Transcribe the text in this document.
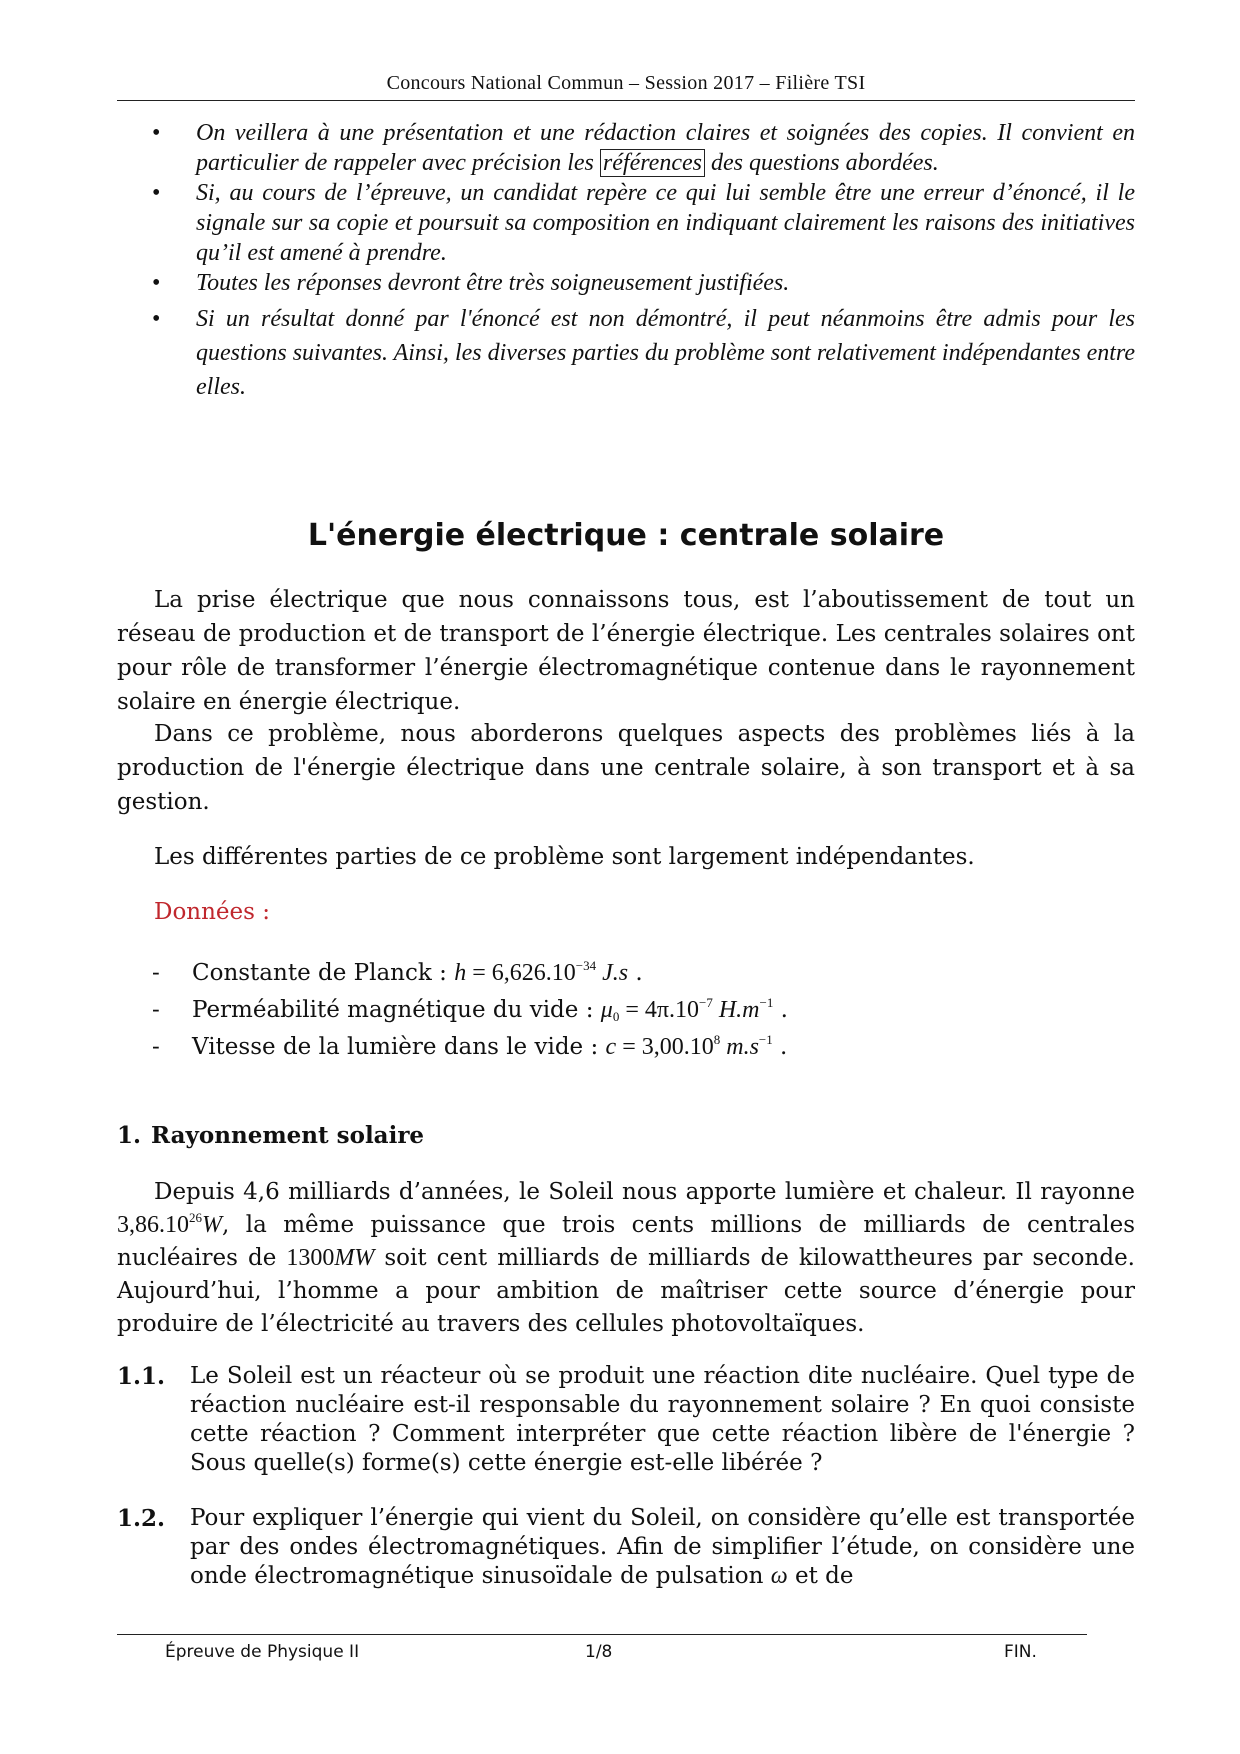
Concours National Commun – Session 2017 – Filière TSI
• On veillera à une présentation et une rédaction claires et soignées des copies. Il convient en particulier de rappeler avec précision les références des questions abordées.
• Si, au cours de l’épreuve, un candidat repère ce qui lui semble être une erreur d’énoncé, il le signale sur sa copie et poursuit sa composition en indiquant clairement les raisons des initiatives qu’il est amené à prendre.
• Toutes les réponses devront être très soigneusement justifiées.
• Si un résultat donné par l'énoncé est non démontré, il peut néanmoins être admis pour les questions suivantes. Ainsi, les diverses parties du problème sont relativement indépendantes entre elles.
L'énergie électrique : centrale solaire
La prise électrique que nous connaissons tous, est l’aboutissement de tout un réseau de production et de transport de l’énergie électrique. Les centrales solaires ont pour rôle de transformer l’énergie électromagnétique contenue dans le rayonnement solaire en énergie électrique.
Dans ce problème, nous aborderons quelques aspects des problèmes liés à la production de l'énergie électrique dans une centrale solaire, à son transport et à sa gestion.
Les différentes parties de ce problème sont largement indépendantes.
Données :
- Constante de Planck : $h = 6,626.10^{-34}$ J.s .
- Perméabilité magnétique du vide : $\mu_0 = 4\pi.10^{-7}$ $H.m^{-1}$ .
- Vitesse de la lumière dans le vide : $c = 3,00.10^8$ $m.s^{-1}$ .
1. Rayonnement solaire
Depuis 4,6 milliards d’années, le Soleil nous apporte lumière et chaleur. Il rayonne 3,86.10$^{26}$W, la même puissance que trois cents millions de milliards de centrales nucléaires de 1300MW soit cent milliards de milliards de kilowattheures par seconde. Aujourd’hui, l’homme a pour ambition de maîtriser cette source d’énergie pour produire de l’électricité au travers des cellules photovoltaïques.
1.1. Le Soleil est un réacteur où se produit une réaction dite nucléaire. Quel type de réaction nucléaire est-il responsable du rayonnement solaire ? En quoi consiste cette réaction ? Comment interpréter que cette réaction libère de l'énergie ? Sous quelle(s) forme(s) cette énergie est-elle libérée ?
1.2. Pour expliquer l’énergie qui vient du Soleil, on considère qu’elle est transportée par des ondes électromagnétiques. Afin de simplifier l’étude, on considère une onde électromagnétique sinusoïdale de pulsation ω et de
Épreuve de Physique II	1/8	FIN.
